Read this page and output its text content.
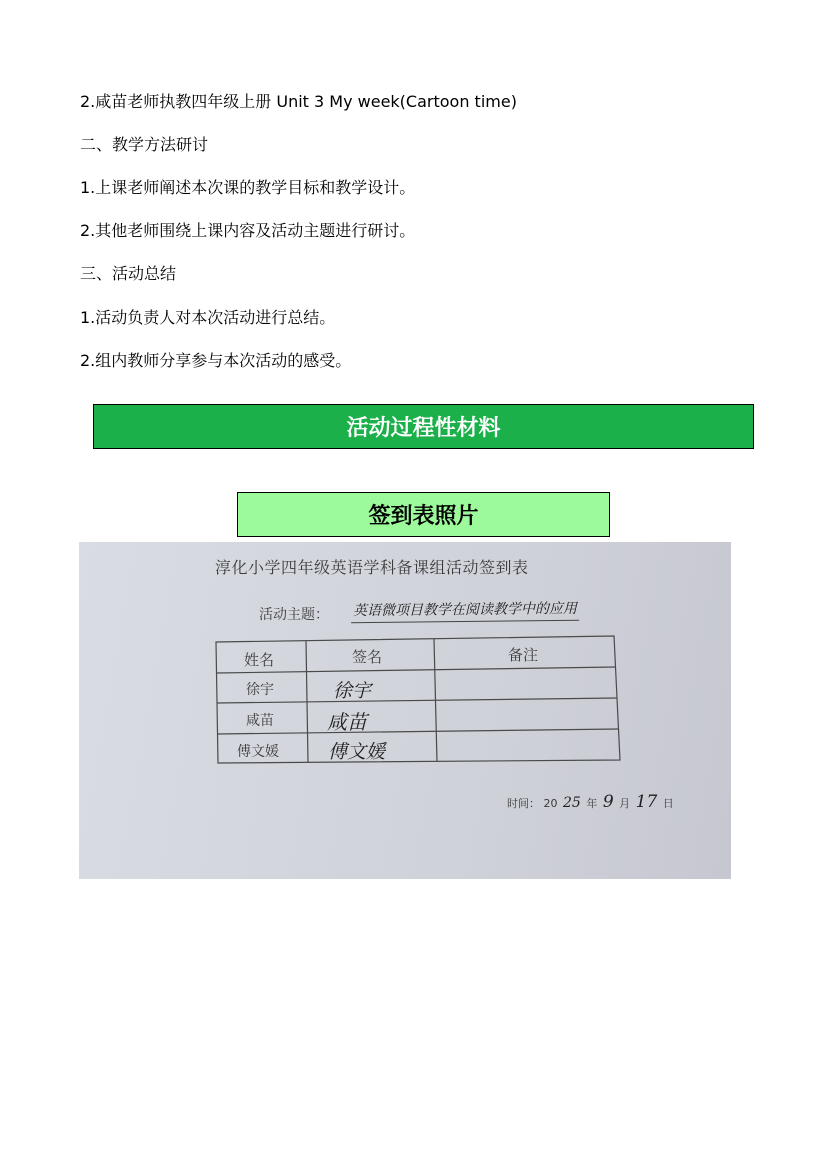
2.咸苗老师执教四年级上册 Unit 3 My week(Cartoon time)
二、教学方法研讨
1.上课老师阐述本次课的教学目标和教学设计。
2.其他老师围绕上课内容及活动主题进行研讨。
三、活动总结
1.活动负责人对本次活动进行总结。
2.组内教师分享参与本次活动的感受。
活动过程性材料
签到表照片
淳化小学四年级英语学科备课组活动签到表
活动主题： 英语微项目教学在阅读教学中的应用
姓名	签名	备注
徐宇	徐宇
咸苗	咸苗
傅文媛	傅文媛
时间： 20 25 年 9 月 17 日
